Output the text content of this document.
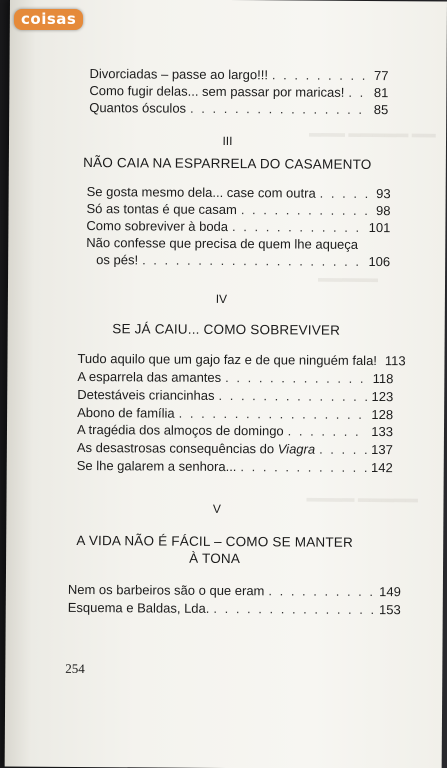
coisas
▬▬▬ ▬▬▬▬▬ ▬▬
▬▬▬▬▬
▬▬▬▬ ▬▬▬▬▬
Divorciadas – passe ao largo!!! . . .	77
Como fugir delas... sem passar por maricas! . . . 81
Quantos ósculos . . .	85
III
NÃO CAIA NA ESPARRELA DO CASAMENTO
Se gosta mesmo dela... case com outra . . .	93
Só as tontas é que casam . . .	98
Como sobreviver à boda . . .	101
Não confesse que precisa de quem lhe aqueça
os pés! . . .	106
IV
SE JÁ CAIU... COMO SOBREVIVER
Tudo aquilo que um gajo faz e de que ninguém fala! . . . 113
A esparrela das amantes . . .	118
Detestáveis criancinhas . . .	123
Abono de família . . .	128
A tragédia dos almoços de domingo . . .	133
As desastrosas consequências do Viagra . . .	137
Se lhe galarem a senhora... . . .	142
V
A VIDA NÃO É FÁCIL – COMO SE MANTER
À TONA
Nem os barbeiros são o que eram . . .	149
Esquema e Baldas, Lda. . . .	153
254
